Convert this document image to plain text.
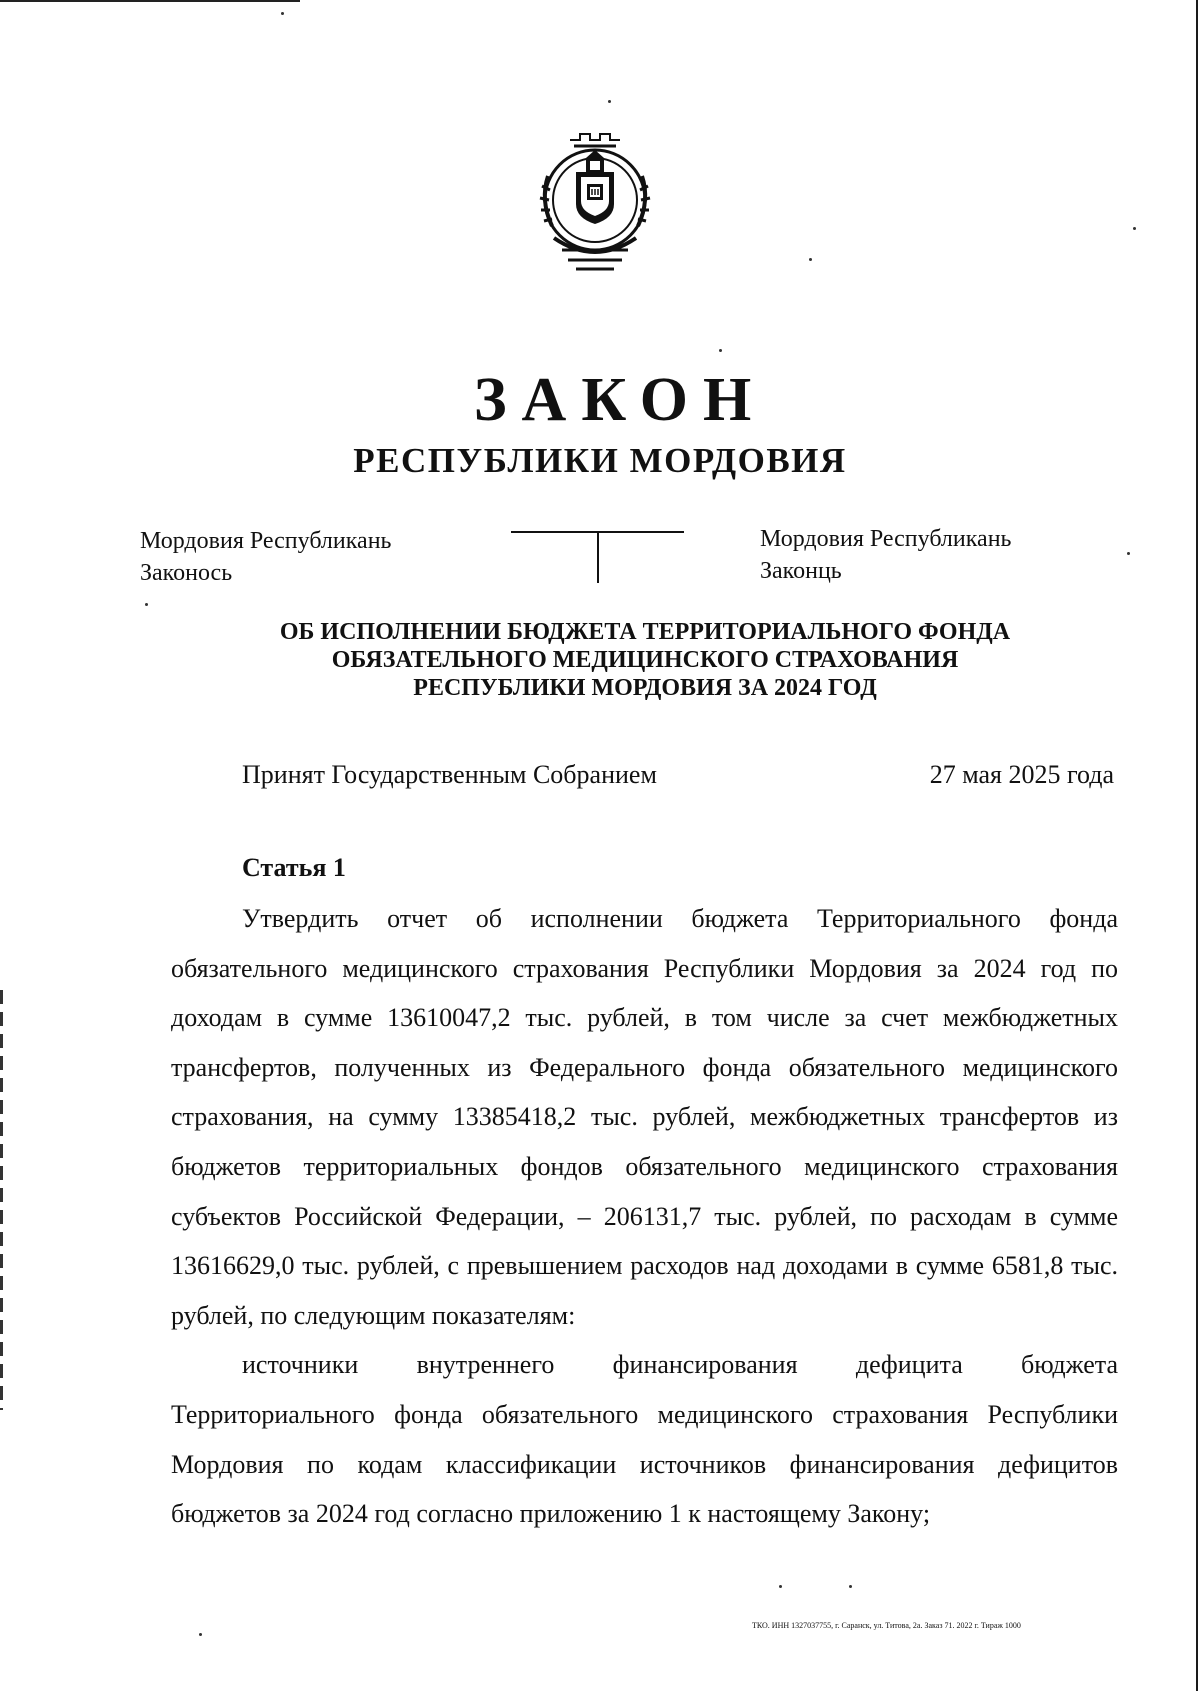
ЗАКОН
РЕСПУБЛИКИ МОРДОВИЯ
Мордовия Республикань
Законось
Мордовия Республикань
Законць
ОБ ИСПОЛНЕНИИ БЮДЖЕТА ТЕРРИТОРИАЛЬНОГО ФОНДА
ОБЯЗАТЕЛЬНОГО МЕДИЦИНСКОГО СТРАХОВАНИЯ
РЕСПУБЛИКИ МОРДОВИЯ ЗА 2024 ГОД
Принят Государственным Собранием	27 мая 2025 года
Статья 1

Утвердить отчет об исполнении бюджета Территориального фонда обязательного медицинского страхования Республики Мордовия за 2024 год по доходам в сумме 13610047,2 тыс. рублей, в том числе за счет межбюджетных трансфертов, полученных из Федерального фонда обязательного медицинского страхования, на сумму 13385418,2 тыс. рублей, межбюджетных трансфертов из бюджетов территориальных фондов обязательного медицинского страхования субъектов Российской Федерации, – 206131,7 тыс. рублей, по расходам в сумме 13616629,0 тыс. рублей, с превышением расходов над доходами в сумме 6581,8 тыс. рублей, по следующим показателям:

источники внутреннего финансирования дефицита бюджета Территориального фонда обязательного медицинского страхования Республики Мордовия по кодам классификации источников финансирования дефицитов бюджетов за 2024 год согласно приложению 1 к настоящему Закону;

ТКО. ИНН 1327037755, г. Саранск, ул. Титова, 2а. Заказ 71. 2022 г. Тираж 1000
